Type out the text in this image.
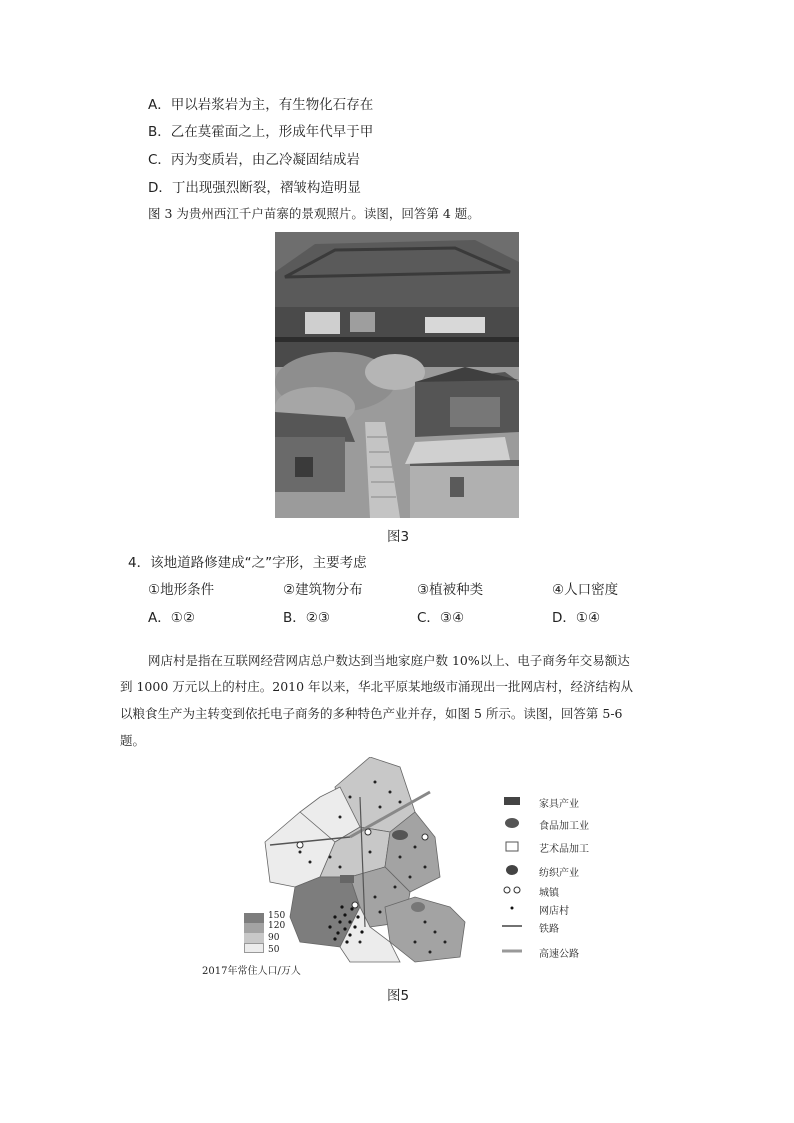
A．甲以岩浆岩为主，有生物化石存在
B．乙在莫霍面之上，形成年代早于甲
C．丙为变质岩，由乙冷凝固结成岩
D．丁出现强烈断裂，褶皱构造明显
图 3 为贵州西江千户苗寨的景观照片。读图，回答第 4 题。
图3
4．该地道路修建成“之”字形，主要考虑
①地形条件	②建筑物分布	③植被种类	④人口密度
A．①②	B．②③	C．③④	D．①④
网店村是指在互联网经营网店总户数达到当地家庭户数 10%以上、电子商务年交易额达
到 1000 万元以上的村庄。2010 年以来，华北平原某地级市涌现出一批网店村，经济结构从
以粮食生产为主转变到依托电子商务的多种特色产业并存，如图 5 所示。读图，回答第 5-6
题。
150
120
90
50
2017年常住人口/万人
家具产业
食品加工业
艺术品加工
纺织产业
城镇
网店村
铁路
高速公路
图5
